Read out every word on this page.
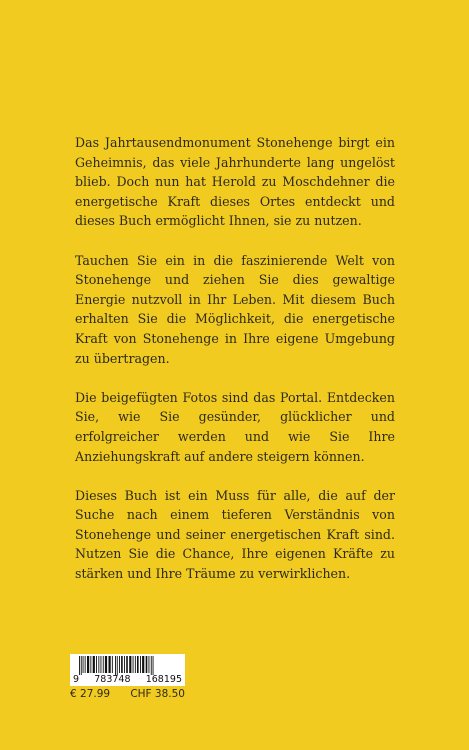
Das Jahrtausendmonument Stonehenge birgt ein Geheimnis, das viele Jahrhunderte lang ungelöst blieb. Doch nun hat Herold zu Moschdehner die energetische Kraft dieses Ortes entdeckt und dieses Buch ermöglicht Ihnen, sie zu nutzen.

Tauchen Sie ein in die faszinierende Welt von Stonehenge und ziehen Sie dies gewaltige Energie nutzvoll in Ihr Leben. Mit diesem Buch erhalten Sie die Möglichkeit, die energetische Kraft von Stonehenge in Ihre eigene Umgebung zu übertragen.

Die beigefügten Fotos sind das Portal. Entdecken Sie, wie Sie gesünder, glücklicher und erfolgreicher werden und wie Sie Ihre Anziehungskraft auf andere steigern können.

Dieses Buch ist ein Muss für alle, die auf der Suche nach einem tieferen Verständnis von Stonehenge und seiner energetischen Kraft sind. Nutzen Sie die Chance, Ihre eigenen Kräfte zu stärken und Ihre Träume zu verwirklichen.

9 783748 168195
€ 27.99 CHF 38.50
